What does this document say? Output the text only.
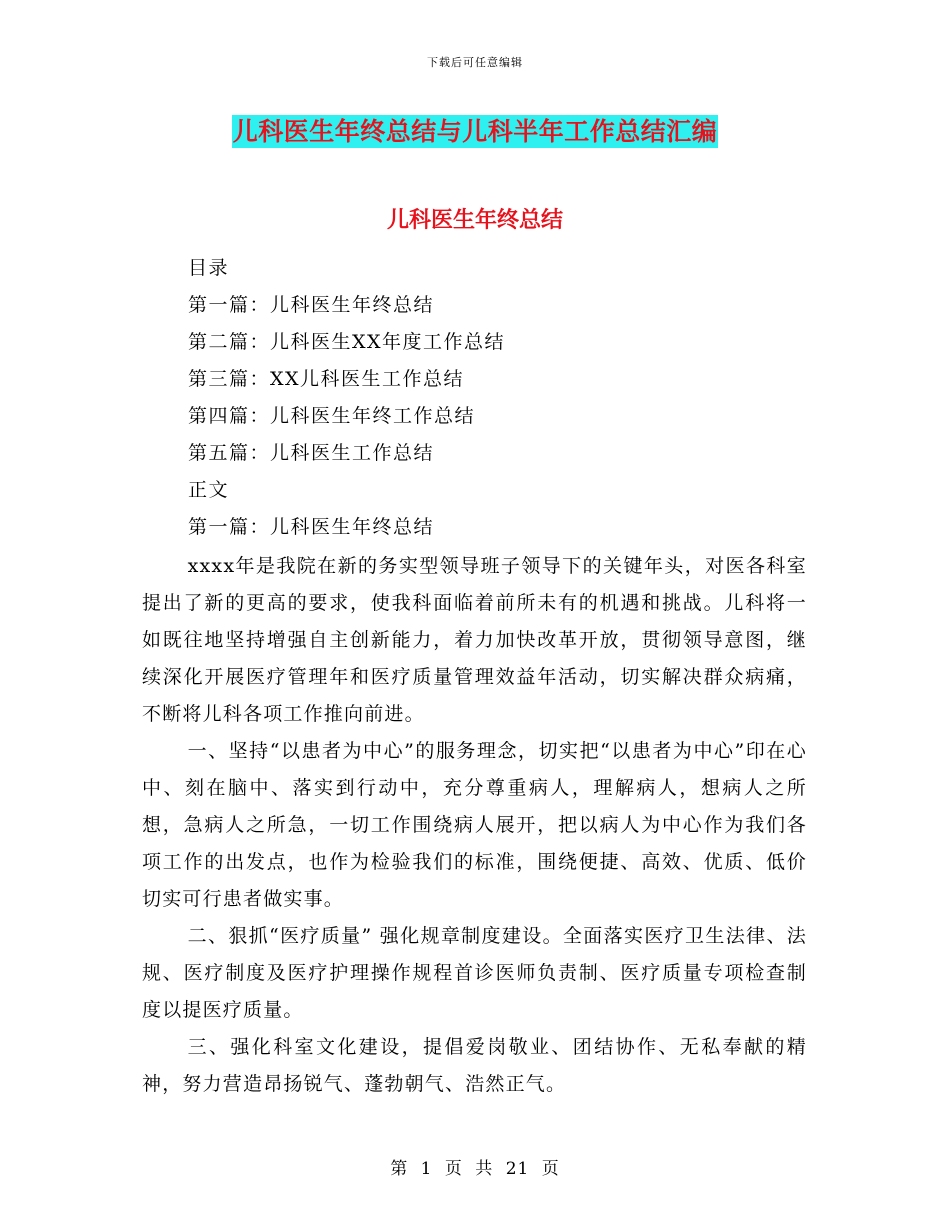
下载后可任意编辑
儿科医生年终总结与儿科半年工作总结汇编
儿科医生年终总结
目录
第一篇：儿科医生年终总结
第二篇：儿科医生XX年度工作总结
第三篇：XX儿科医生工作总结
第四篇：儿科医生年终工作总结
第五篇：儿科医生工作总结
正文
第一篇：儿科医生年终总结

xxxx年是我院在新的务实型领导班子领导下的关键年头，对医各科室提出了新的更高的要求，使我科面临着前所未有的机遇和挑战。儿科将一如既往地坚持增强自主创新能力，着力加快改革开放，贯彻领导意图，继续深化开展医疗管理年和医疗质量管理效益年活动，切实解决群众病痛，不断将儿科各项工作推向前进。

一、坚持“以患者为中心”的服务理念，切实把“以患者为中心”印在心中、刻在脑中、落实到行动中，充分尊重病人，理解病人，想病人之所想，急病人之所急，一切工作围绕病人展开，把以病人为中心作为我们各项工作的出发点，也作为检验我们的标准，围绕便捷、高效、优质、低价切实可行患者做实事。

二、狠抓“医疗质量” 强化规章制度建设。全面落实医疗卫生法律、法规、医疗制度及医疗护理操作规程首诊医师负责制、医疗质量专项检查制度以提医疗质量。

三、强化科室文化建设，提倡爱岗敬业、团结协作、无私奉献的精神，努力营造昂扬锐气、蓬勃朝气、浩然正气。

第 1 页 共 21 页
